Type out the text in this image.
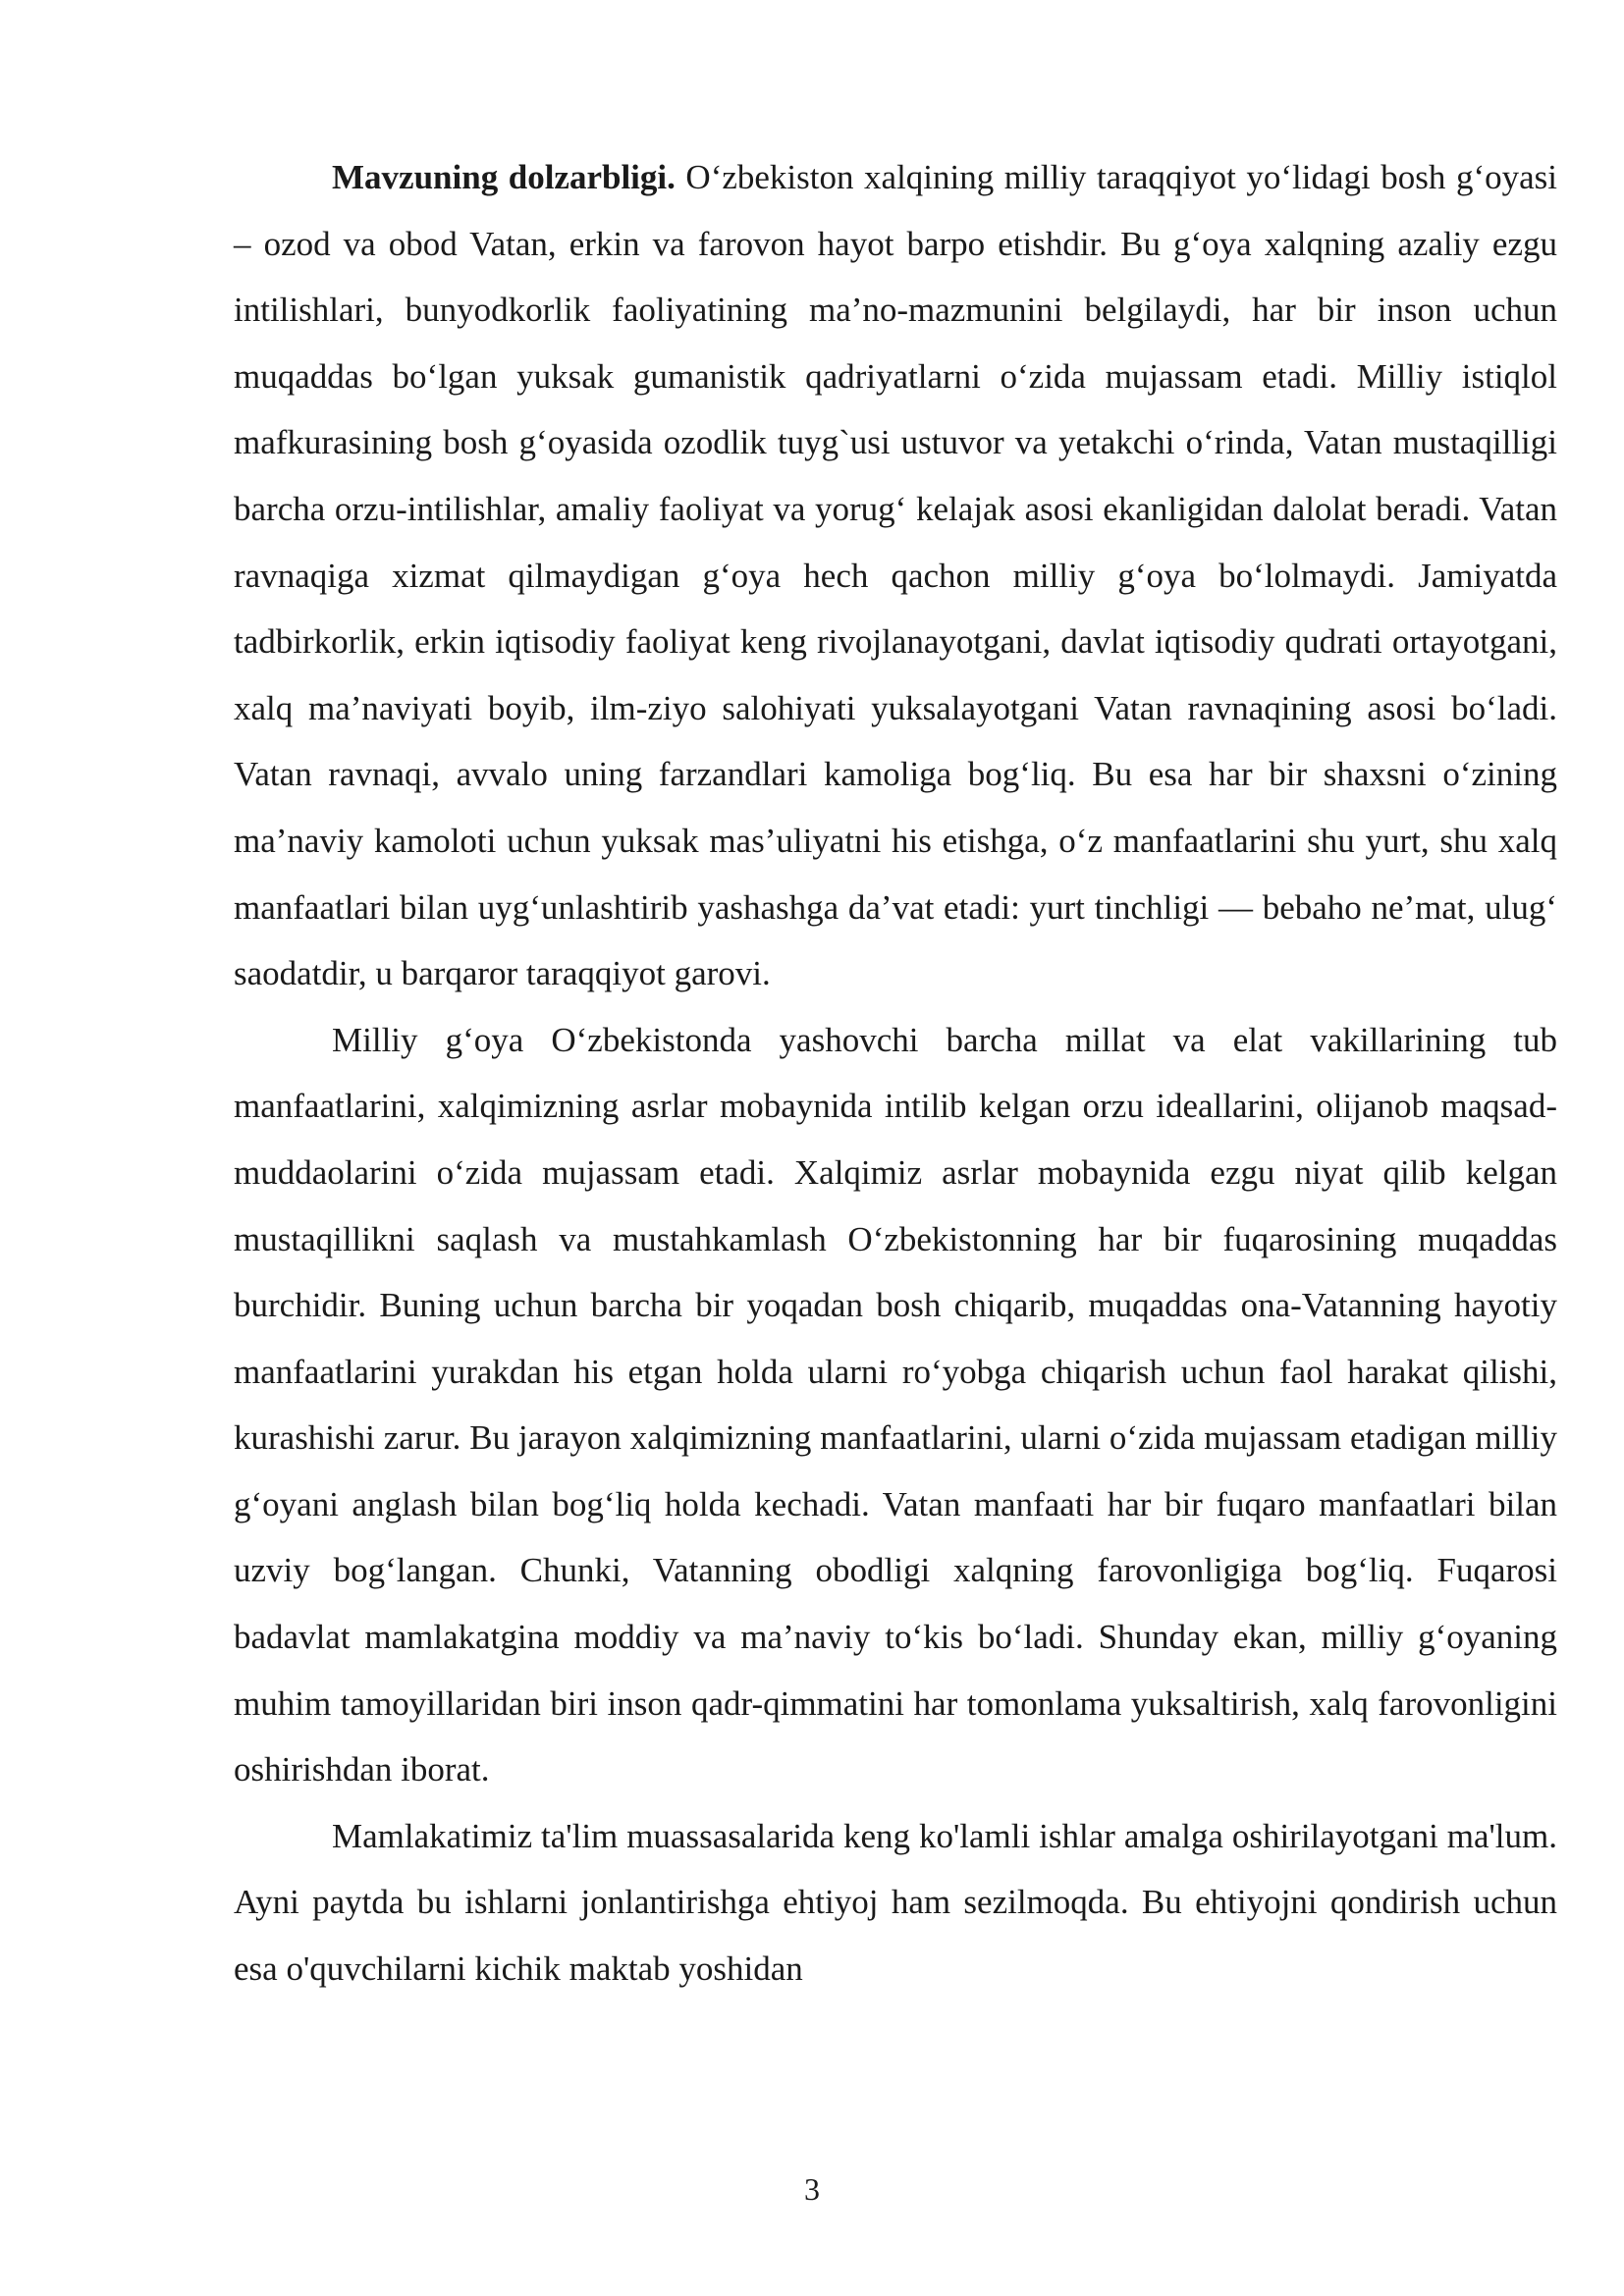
Mavzuning dolzarbligi. O‘zbekiston xalqining milliy taraqqiyot yo‘lidagi bosh g‘oyasi – ozod va obod Vatan, erkin va farovon hayot barpo etishdir. Bu g‘oya xalqning azaliy ezgu intilishlari, bunyodkorlik faoliyatining ma’no-mazmunini belgilaydi, har bir inson uchun muqaddas bo‘lgan yuksak gumanistik qadriyatlarni o‘zida mujassam etadi. Milliy istiqlol mafkurasining bosh g‘oyasida ozodlik tuyg`usi ustuvor va yetakchi o‘rinda, Vatan mustaqilligi barcha orzu-intilishlar, amaliy faoliyat va yorug‘ kelajak asosi ekanligidan dalolat beradi. Vatan ravnaqiga xizmat qilmaydigan g‘oya hech qachon milliy g‘oya bo‘lolmaydi. Jamiyatda tadbirkorlik, erkin iqtisodiy faoliyat keng rivojlanayotgani, davlat iqtisodiy qudrati ortayotgani, xalq ma’naviyati boyib, ilm-ziyo salohiyati yuksalayotgani Vatan ravnaqining asosi bo‘ladi. Vatan ravnaqi, avvalo uning farzandlari kamoliga bog‘liq. Bu esa har bir shaxsni o‘zining ma’naviy kamoloti uchun yuksak mas’uliyatni his etishga, o‘z manfaatlarini shu yurt, shu xalq manfaatlari bilan uyg‘unlashtirib yashashga da’vat etadi: yurt tinchligi — bebaho ne’mat, ulug‘ saodatdir, u barqaror taraqqiyot garovi.

Milliy g‘oya O‘zbekistonda yashovchi barcha millat va elat vakillarining tub manfaatlarini, xalqimizning asrlar mobaynida intilib kelgan orzu ideallarini, olijanob maqsad-muddaolarini o‘zida mujassam etadi. Xalqimiz asrlar mobaynida ezgu niyat qilib kelgan mustaqillikni saqlash va mustahkamlash O‘zbekistonning har bir fuqarosining muqaddas burchidir. Buning uchun barcha bir yoqadan bosh chiqarib, muqaddas ona-Vatanning hayotiy manfaatlarini yurakdan his etgan holda ularni ro‘yobga chiqarish uchun faol harakat qilishi, kurashishi zarur. Bu jarayon xalqimizning manfaatlarini, ularni o‘zida mujassam etadigan milliy g‘oyani anglash bilan bog‘liq holda kechadi. Vatan manfaati har bir fuqaro manfaatlari bilan uzviy bog‘langan. Chunki, Vatanning obodligi xalqning farovonligiga bog‘liq. Fuqarosi badavlat mamlakatgina moddiy va ma’naviy to‘kis bo‘ladi. Shunday ekan, milliy g‘oyaning muhim tamoyillaridan biri inson qadr-qimmatini har tomonlama yuksaltirish, xalq farovonligini oshirishdan iborat.

Mamlakatimiz ta'lim muassasalarida keng ko'lamli ishlar amalga oshirilayotgani ma'lum. Ayni paytda bu ishlarni jonlantirishga ehtiyoj ham sezilmoqda. Bu ehtiyojni qondirish uchun esa o'quvchilarni kichik maktab yoshidan

3
